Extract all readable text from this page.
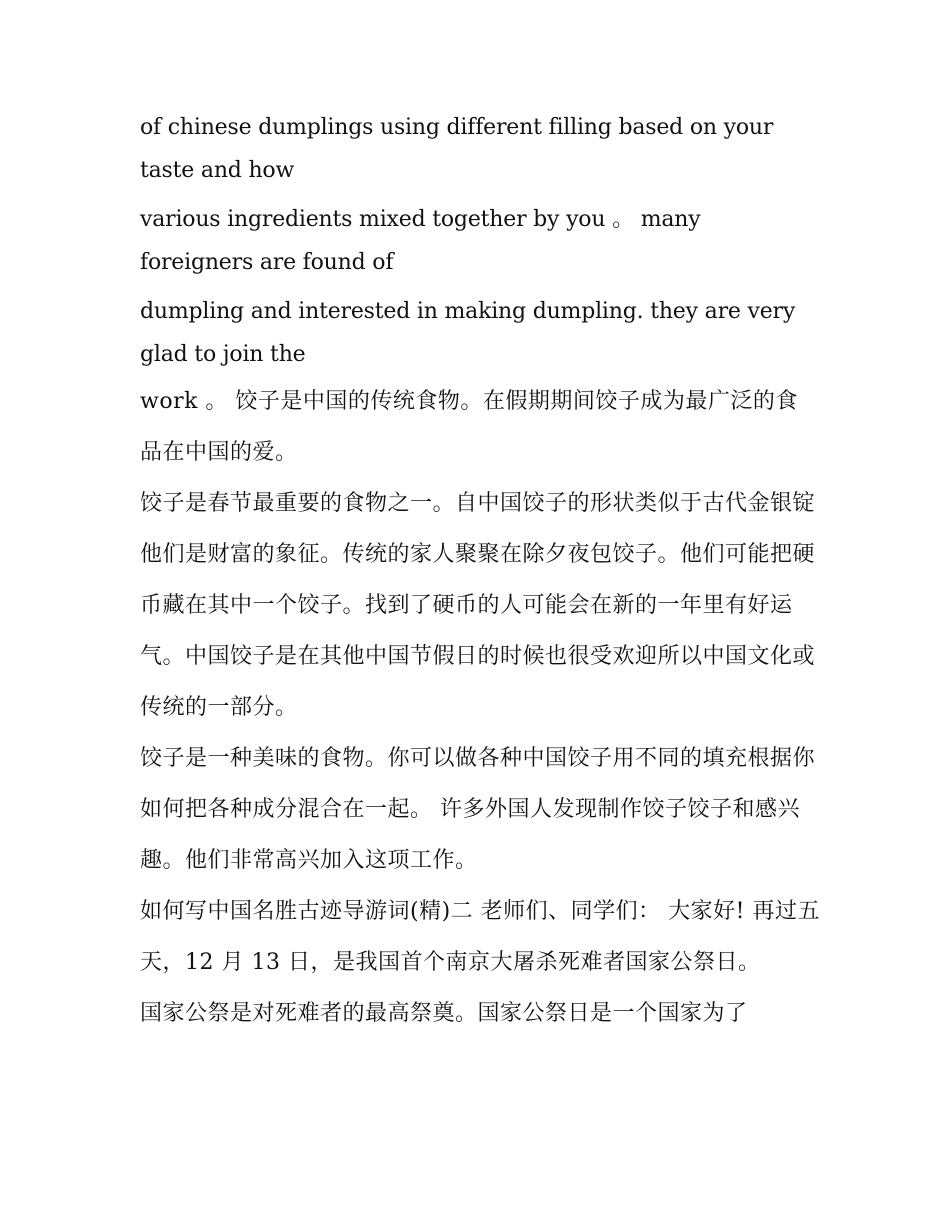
of chinese dumplings using different filling based on your taste and how

various ingredients mixed together by you 。 many foreigners are found of

dumpling and interested in making dumpling. they are very glad to join the

work 。 饺子是中国的传统食物。在假期期间饺子成为最广泛的食品在中国的爱。

饺子是春节最重要的食物之一。自中国饺子的形状类似于古代金银锭他们是财富的象征。传统的家人聚聚在除夕夜包饺子。他们可能把硬币藏在其中一个饺子。找到了硬币的人可能会在新的一年里有好运气。中国饺子是在其他中国节假日的时候也很受欢迎所以中国文化或传统的一部分。

饺子是一种美味的食物。你可以做各种中国饺子用不同的填充根据你如何把各种成分混合在一起。 许多外国人发现制作饺子饺子和感兴趣。他们非常高兴加入这项工作。

如何写中国名胜古迹导游词(精)二 老师们、同学们： 大家好! 再过五天，12 月 13 日，是我国首个南京大屠杀死难者国家公祭日。

国家公祭是对死难者的最高祭奠。国家公祭日是一个国家为了
